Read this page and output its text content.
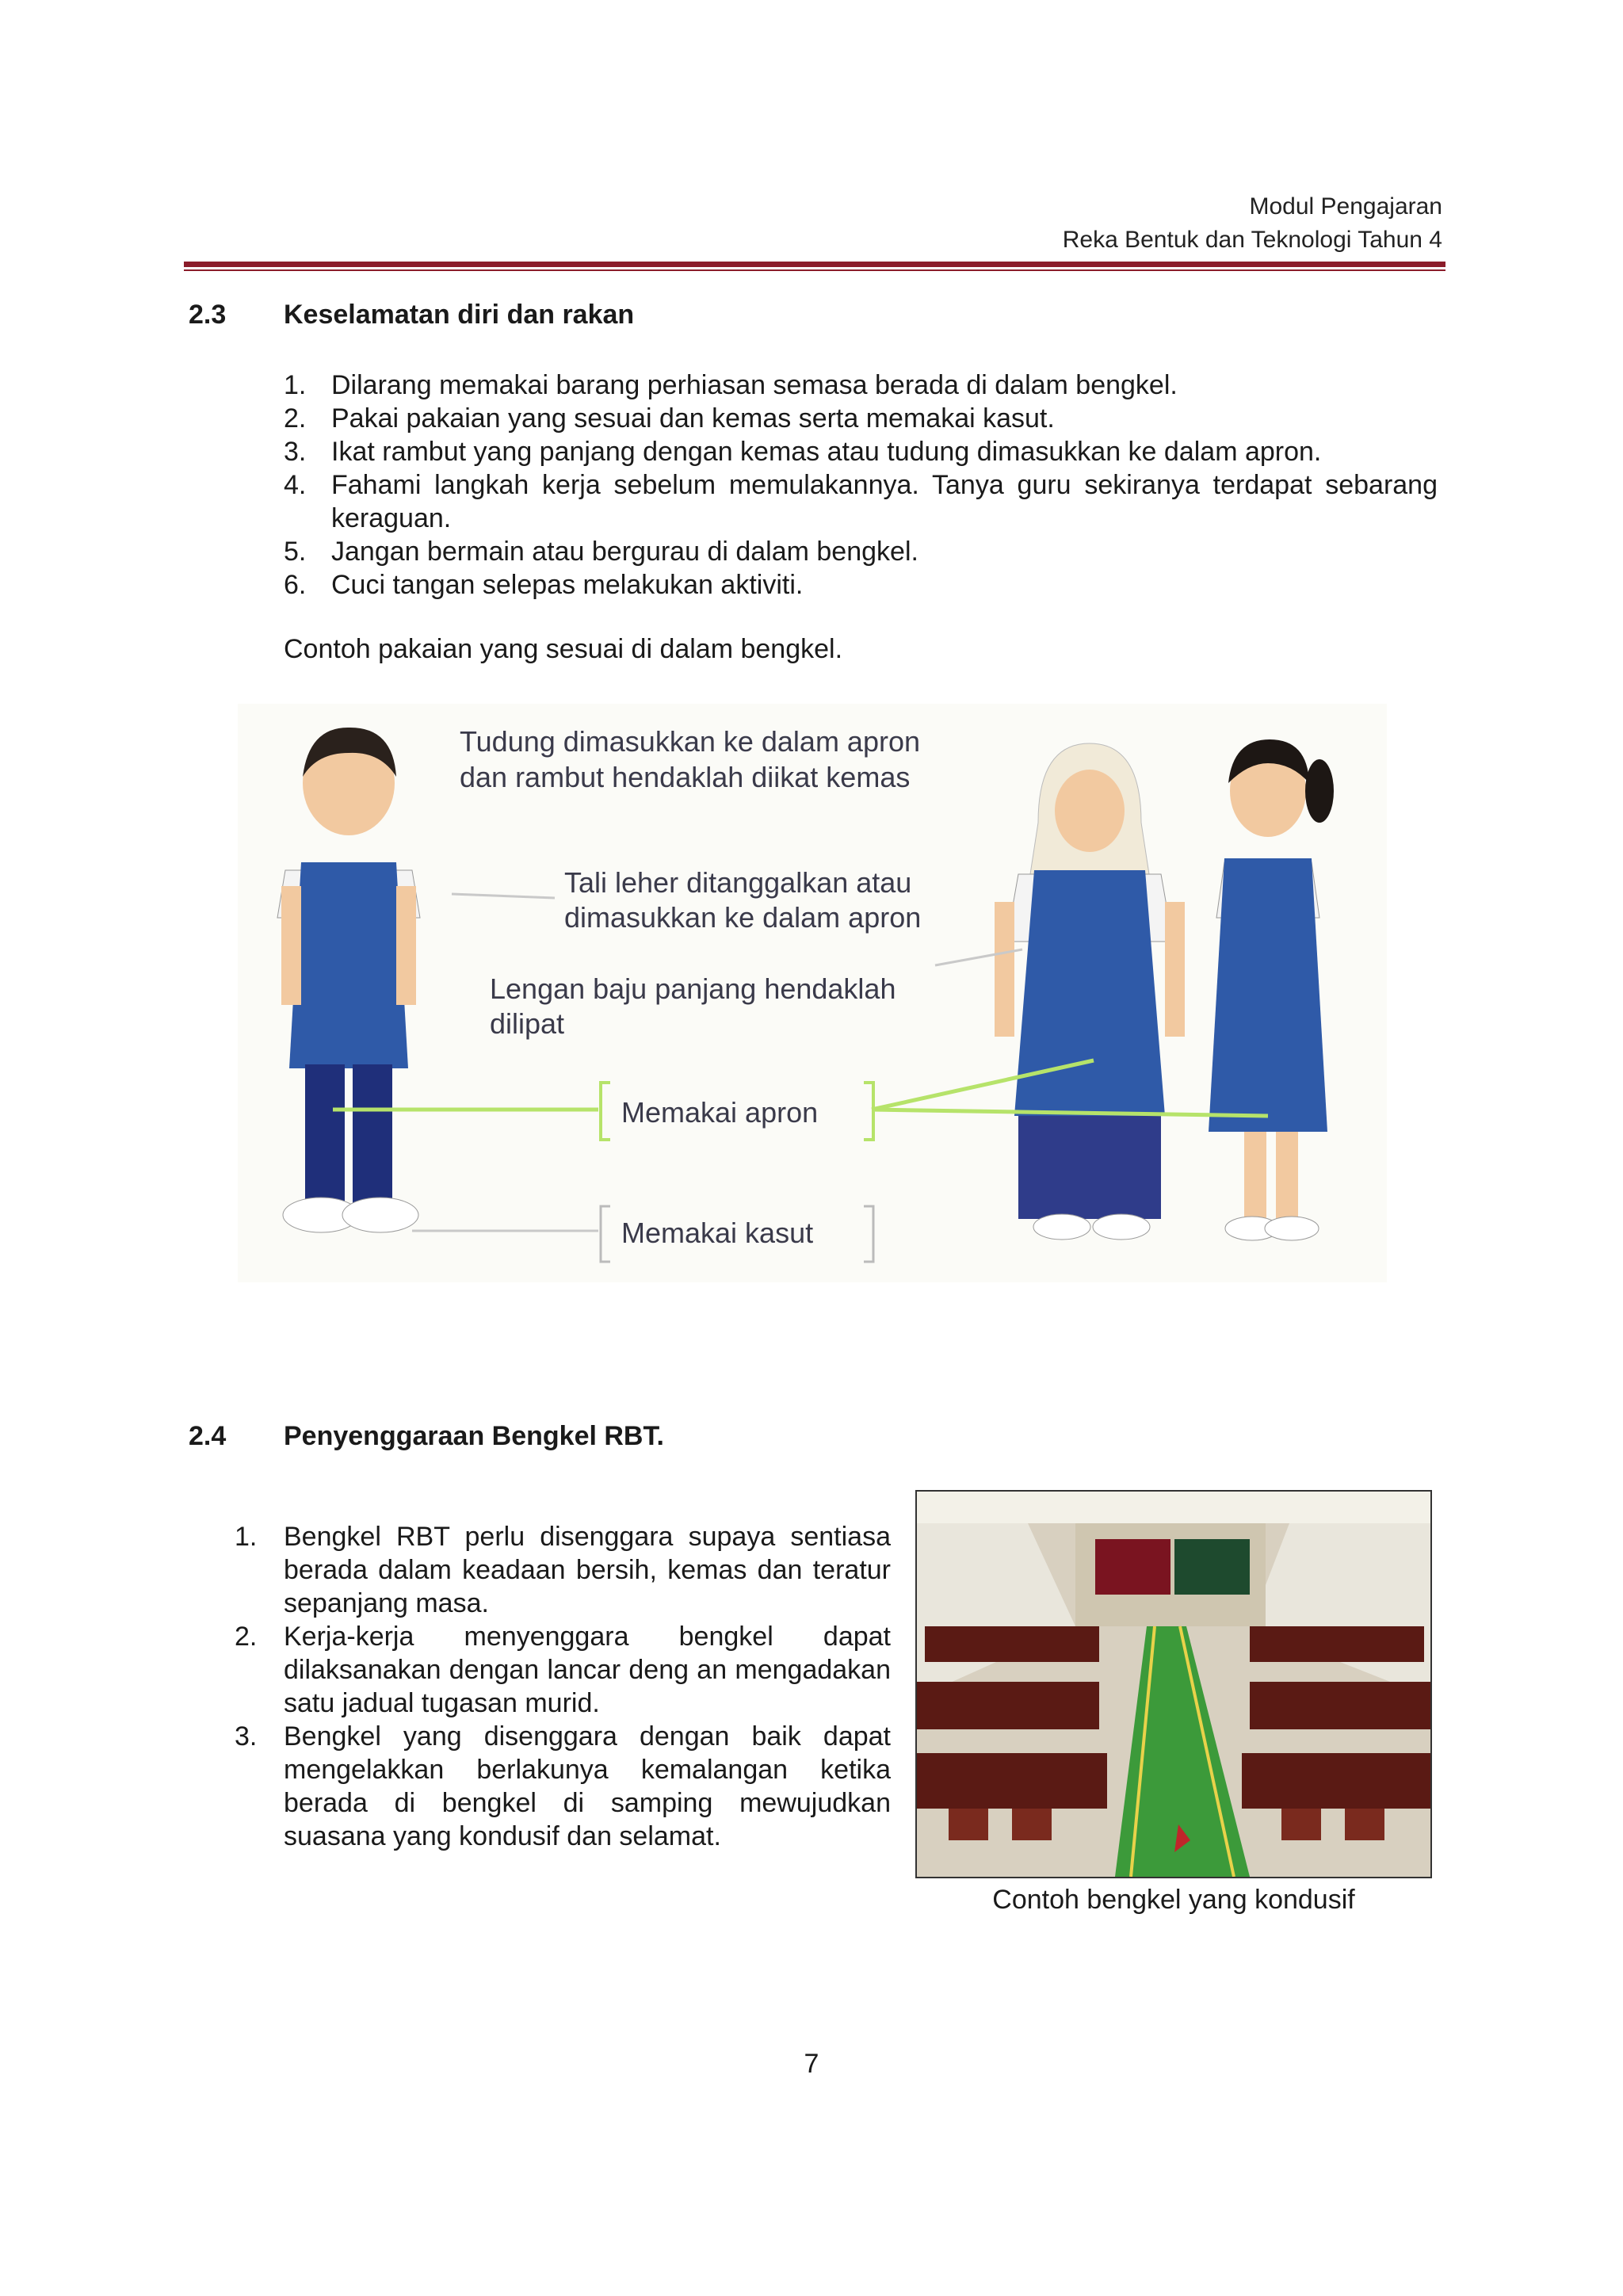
Modul Pengajaran
Reka Bentuk dan Teknologi Tahun 4
2.3 Keselamatan diri dan rakan
1. Dilarang memakai barang perhiasan semasa berada di dalam bengkel.
2. Pakai pakaian yang sesuai dan kemas serta memakai kasut.
3. Ikat rambut yang panjang dengan kemas atau tudung dimasukkan ke dalam apron.
4. Fahami langkah kerja sebelum memulakannya. Tanya guru sekiranya terdapat sebarang keraguan.
5. Jangan bermain atau bergurau di dalam bengkel.
6. Cuci tangan selepas melakukan aktiviti.
Contoh pakaian yang sesuai di dalam bengkel.
Tudung dimasukkan ke dalam apron
dan rambut hendaklah diikat kemas
Tali leher ditanggalkan atau
dimasukkan ke dalam apron
Lengan baju panjang hendaklah
dilipat
Memakai apron
Memakai kasut
2.4 Penyenggaraan Bengkel RBT.
1. Bengkel RBT perlu disenggara supaya sentiasa berada dalam keadaan bersih, kemas dan teratur sepanjang masa.
2. Kerja-kerja menyenggara bengkel dapat dilaksanakan dengan lancar deng an mengadakan satu jadual tugasan murid.
3. Bengkel yang disenggara dengan baik dapat mengelakkan berlakunya kemalangan ketika berada di bengkel di samping mewujudkan suasana yang kondusif dan selamat.
Contoh bengkel yang kondusif
7
